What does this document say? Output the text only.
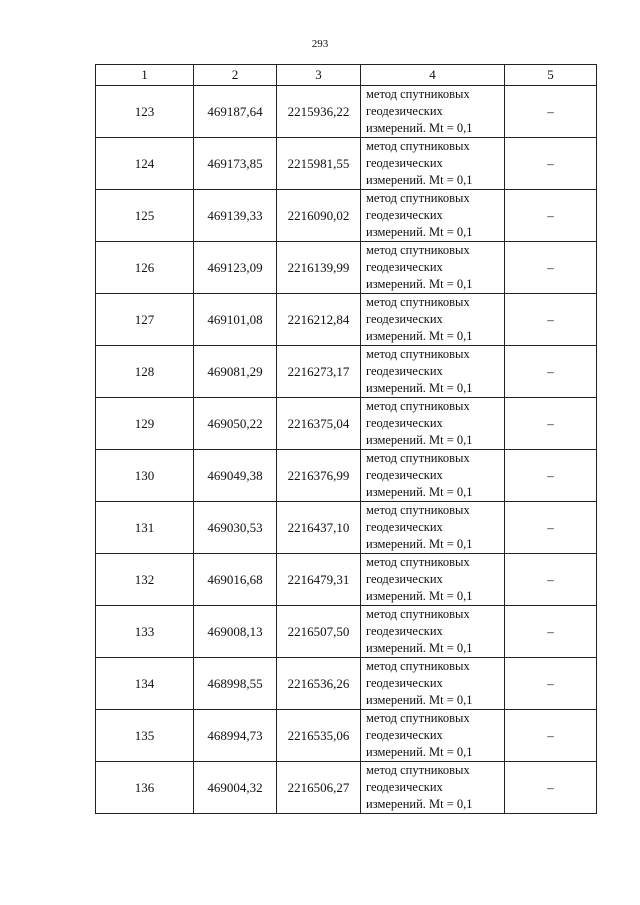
293
1	2	3	4	5
123	469187,64	2215936,22	метод спутниковых
геодезических
измерений. Mt = 0,1	–
124	469173,85	2215981,55	метод спутниковых
геодезических
измерений. Mt = 0,1	–
125	469139,33	2216090,02	метод спутниковых
геодезических
измерений. Mt = 0,1	–
126	469123,09	2216139,99	метод спутниковых
геодезических
измерений. Mt = 0,1	–
127	469101,08	2216212,84	метод спутниковых
геодезических
измерений. Mt = 0,1	–
128	469081,29	2216273,17	метод спутниковых
геодезических
измерений. Mt = 0,1	–
129	469050,22	2216375,04	метод спутниковых
геодезических
измерений. Mt = 0,1	–
130	469049,38	2216376,99	метод спутниковых
геодезических
измерений. Mt = 0,1	–
131	469030,53	2216437,10	метод спутниковых
геодезических
измерений. Mt = 0,1	–
132	469016,68	2216479,31	метод спутниковых
геодезических
измерений. Mt = 0,1	–
133	469008,13	2216507,50	метод спутниковых
геодезических
измерений. Mt = 0,1	–
134	468998,55	2216536,26	метод спутниковых
геодезических
измерений. Mt = 0,1	–
135	468994,73	2216535,06	метод спутниковых
геодезических
измерений. Mt = 0,1	–
136	469004,32	2216506,27	метод спутниковых
геодезических
измерений. Mt = 0,1	–
